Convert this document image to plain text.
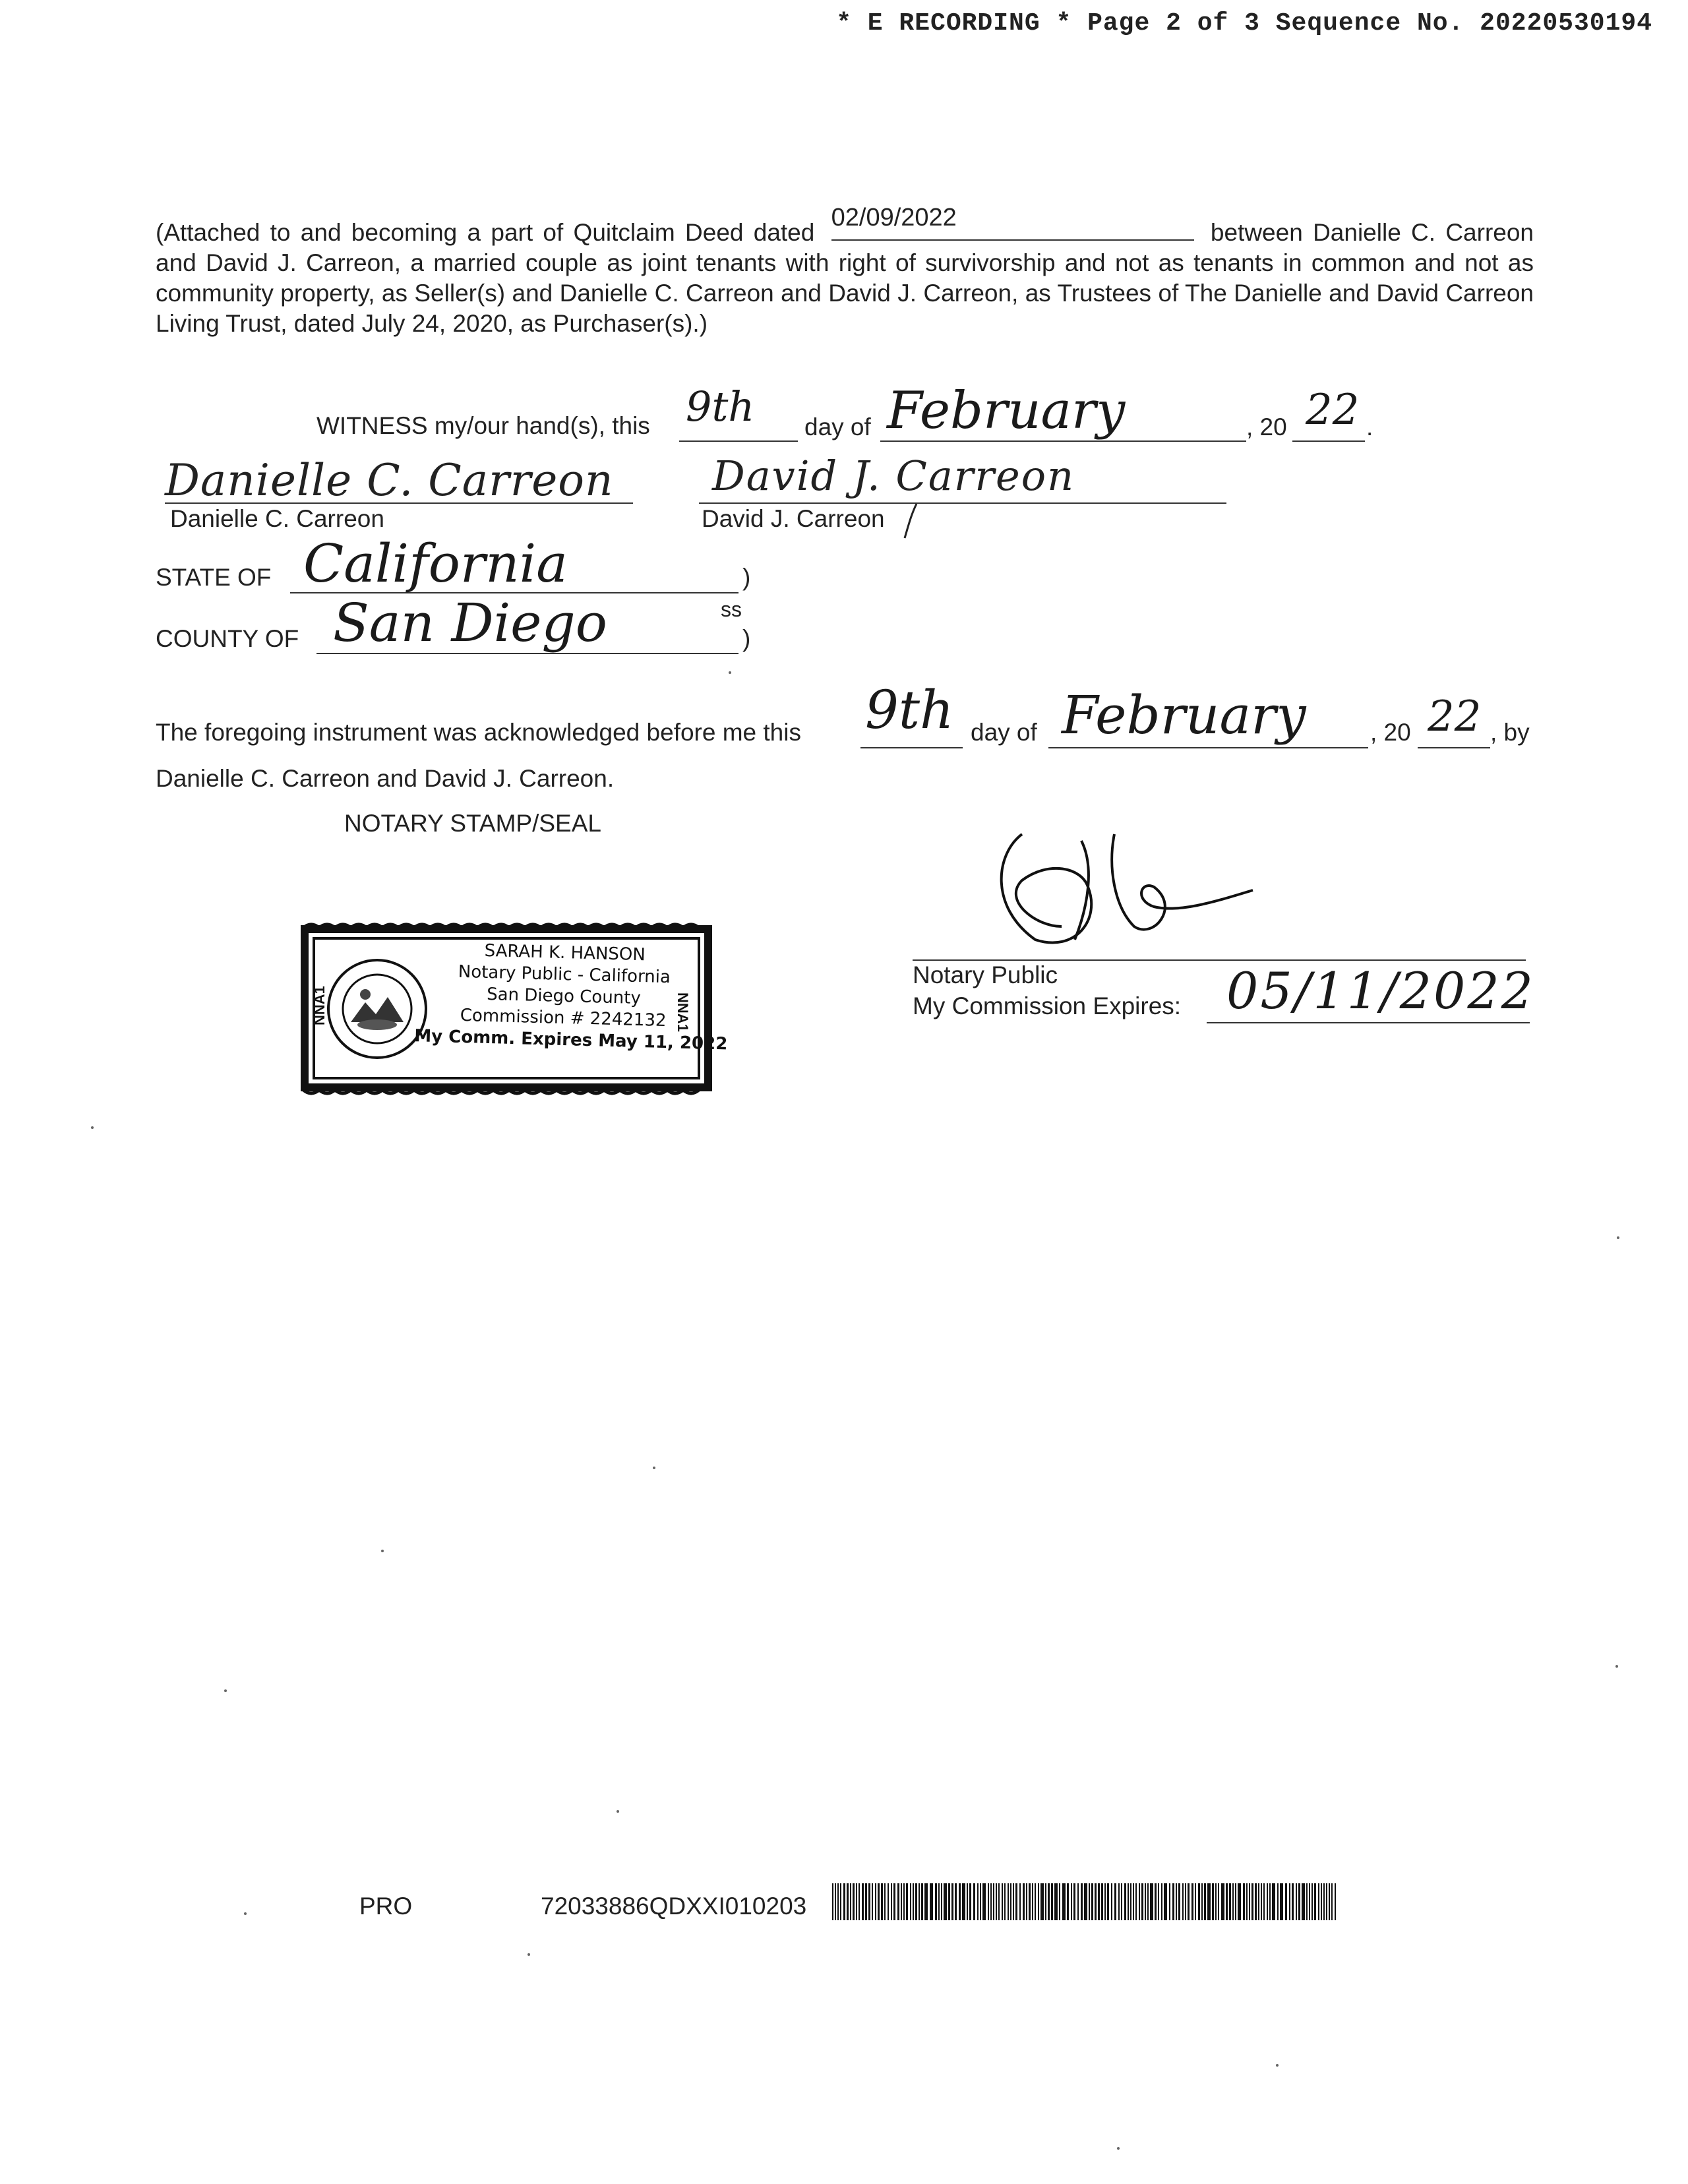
* E RECORDING * Page 2 of 3 Sequence No. 20220530194

(Attached to and becoming a part of Quitclaim Deed dated
02/09/2022
between Danielle C. Carreon and David J. Carreon, a married couple as joint tenants with right of survivorship and not as tenants in common and not as community property, as Seller(s) and Danielle C. Carreon and David J. Carreon, as Trustees of The Danielle and David Carreon Living Trust, dated July 24, 2020, as Purchaser(s).)

WITNESS my/our hand(s), this 9th day of February	, 20 22 .
Danielle C. Carreon
Danielle C. Carreon
David J. Carreon
David J. Carreon
STATE OF California	)
ss
COUNTY OF San Diego	)
The foregoing instrument was acknowledged before me this 9th day of February	, 20 22 , by
Danielle C. Carreon and David J. Carreon.
NOTARY STAMP/SEAL
NNA1	NNA1
SARAH K. HANSON
Notary Public - California
San Diego County
Commission # 2242132
My Comm. Expires May 11, 2022
Notary Public
My Commission Expires: 05/11/2022
PRO	72033886QDXXI010203
